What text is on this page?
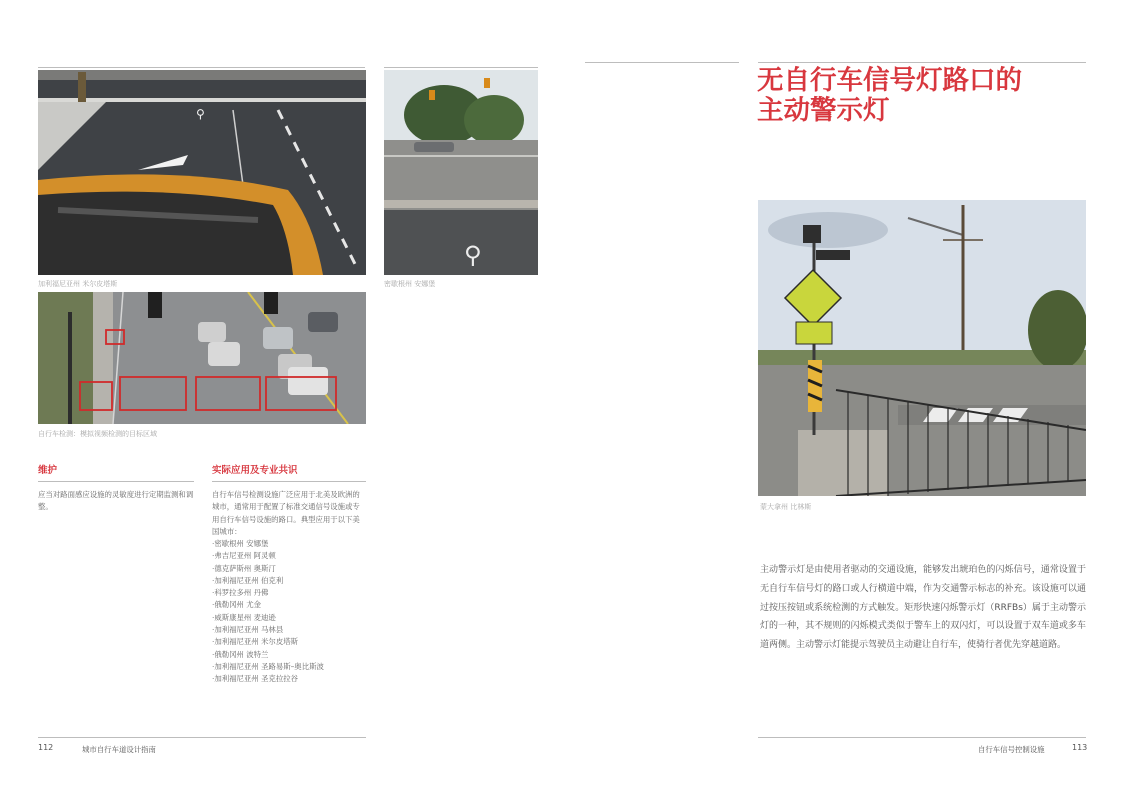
⚲
加利福尼亚州 米尔皮塔斯
⚲
密歇根州 安娜堡
自行车检测：模拟视频检测的目标区域
维护
应当对路面感应设施的灵敏度进行定期监测和调整。
实际应用及专业共识
自行车信号检测设施广泛应用于北美及欧洲的城市，通常用于配置了标准交通信号设施或专用自行车信号设施的路口。典型应用于以下美国城市：
·密歇根州 安娜堡
·弗吉尼亚州 阿灵顿
·德克萨斯州 奥斯汀
·加利福尼亚州 伯克利
·科罗拉多州 丹佛
·俄勒冈州 尤金
·威斯康星州 麦迪逊
·加利福尼亚州 马林县
·加利福尼亚州 米尔皮塔斯
·俄勒冈州 波特兰
·加利福尼亚州 圣路易斯–奥比斯波
·加利福尼亚州 圣克拉拉谷
112	城市自行车道设计指南
无自行车信号灯路口的
主动警示灯
蒙大拿州 比林斯
主动警示灯是由使用者驱动的交通设施，能够发出琥珀色的闪烁信号，通常设置于无自行车信号灯的路口或人行横道中端，作为交通警示标志的补充。该设施可以通过按压按钮或系统检测的方式触发。矩形快速闪烁警示灯（RRFBs）属于主动警示灯的一种，其不规则的闪烁模式类似于警车上的双闪灯，可以设置于双车道或多车道两侧。主动警示灯能提示驾驶员主动避让自行车，使骑行者优先穿越道路。
自行车信号控制设施	113
